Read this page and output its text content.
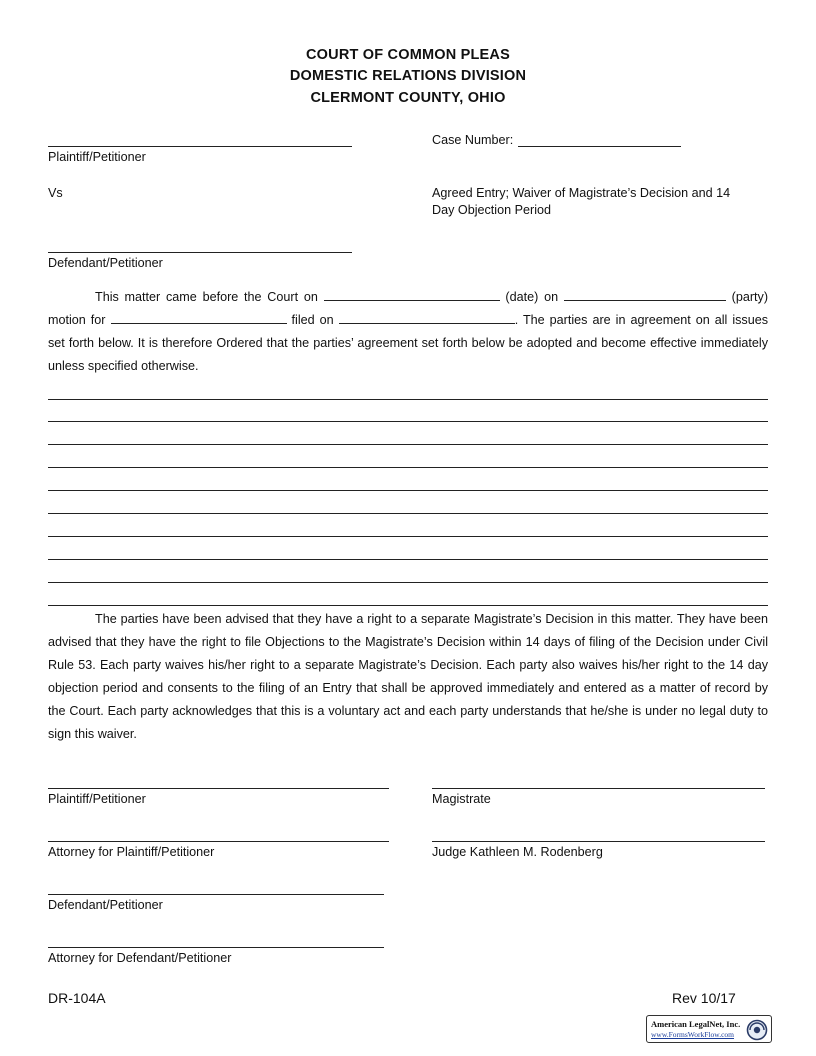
COURT OF COMMON PLEAS
DOMESTIC RELATIONS DIVISION
CLERMONT COUNTY, OHIO
Plaintiff/Petitioner
Vs
Defendant/Petitioner
Case Number:
Agreed Entry; Waiver of Magistrate’s Decision and 14
Day Objection Period
This matter came before the Court on	(date) on	(party) motion for	filed on	. The parties are in agreement on all issues set forth below. It is therefore Ordered that the parties’ agreement set forth below be adopted and become effective immediately unless specified otherwise.
The parties have been advised that they have a right to a separate Magistrate’s Decision in this matter. They have been advised that they have the right to file Objections to the Magistrate’s Decision within 14 days of filing of the Decision under Civil Rule 53. Each party waives his/her right to a separate Magistrate’s Decision. Each party also waives his/her right to the 14 day objection period and consents to the filing of an Entry that shall be approved immediately and entered as a matter of record by the Court. Each party acknowledges that this is a voluntary act and each party understands that he/she is under no legal duty to sign this waiver.
Plaintiff/Petitioner	Magistrate
Attorney for Plaintiff/Petitioner	Judge Kathleen M. Rodenberg
Defendant/Petitioner
Attorney for Defendant/Petitioner
DR-104A	Rev 10/17
American LegalNet, Inc.
www.FormsWorkFlow.com
